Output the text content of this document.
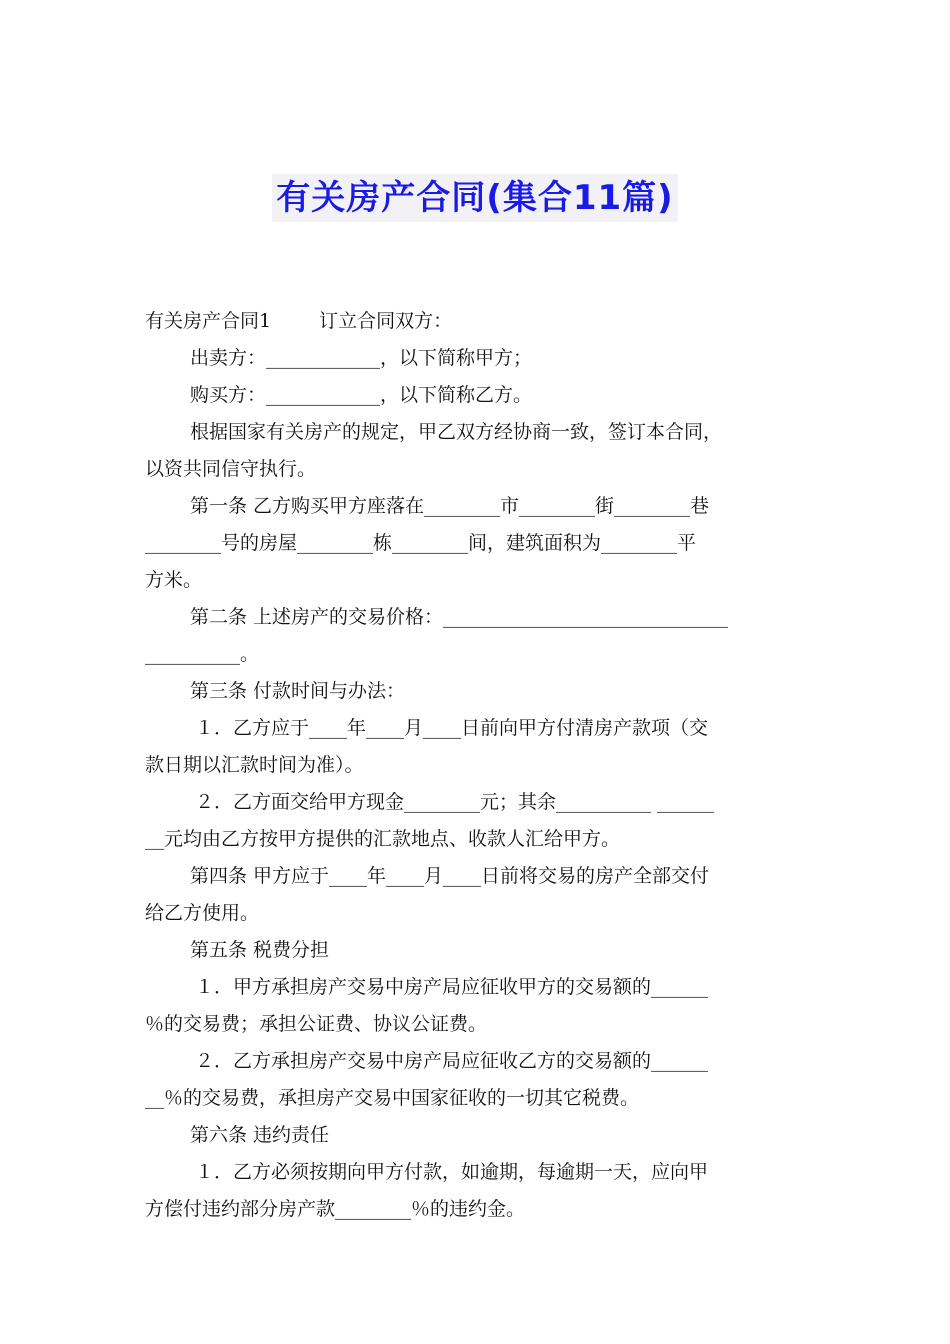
有关房产合同(集合11篇)

有关房产合同1	订立合同双方：

出卖方：____________，以下简称甲方；

购买方：____________，以下简称乙方。

根据国家有关房产的规定，甲乙双方经协商一致，签订本合同，

以资共同信守执行。

第一条 乙方购买甲方座落在________市________街________巷

________号的房屋________栋________间，建筑面积为________平

方米。

第二条 上述房产的交易价格：______________________________

__________。

第三条 付款时间与办法：

１．乙方应于____年____月____日前向甲方付清房产款项（交

款日期以汇款时间为准）。

２．乙方面交给甲方现金________元；其余__________ ______

__元均由乙方按甲方提供的汇款地点、收款人汇给甲方。

第四条 甲方应于____年____月____日前将交易的房产全部交付

给乙方使用。

第五条 税费分担

１．甲方承担房产交易中房产局应征收甲方的交易额的______

％的交易费；承担公证费、协议公证费。

２．乙方承担房产交易中房产局应征收乙方的交易额的______

__％的交易费，承担房产交易中国家征收的一切其它税费。

第六条 违约责任

１．乙方必须按期向甲方付款，如逾期，每逾期一天，应向甲

方偿付违约部分房产款________％的违约金。
